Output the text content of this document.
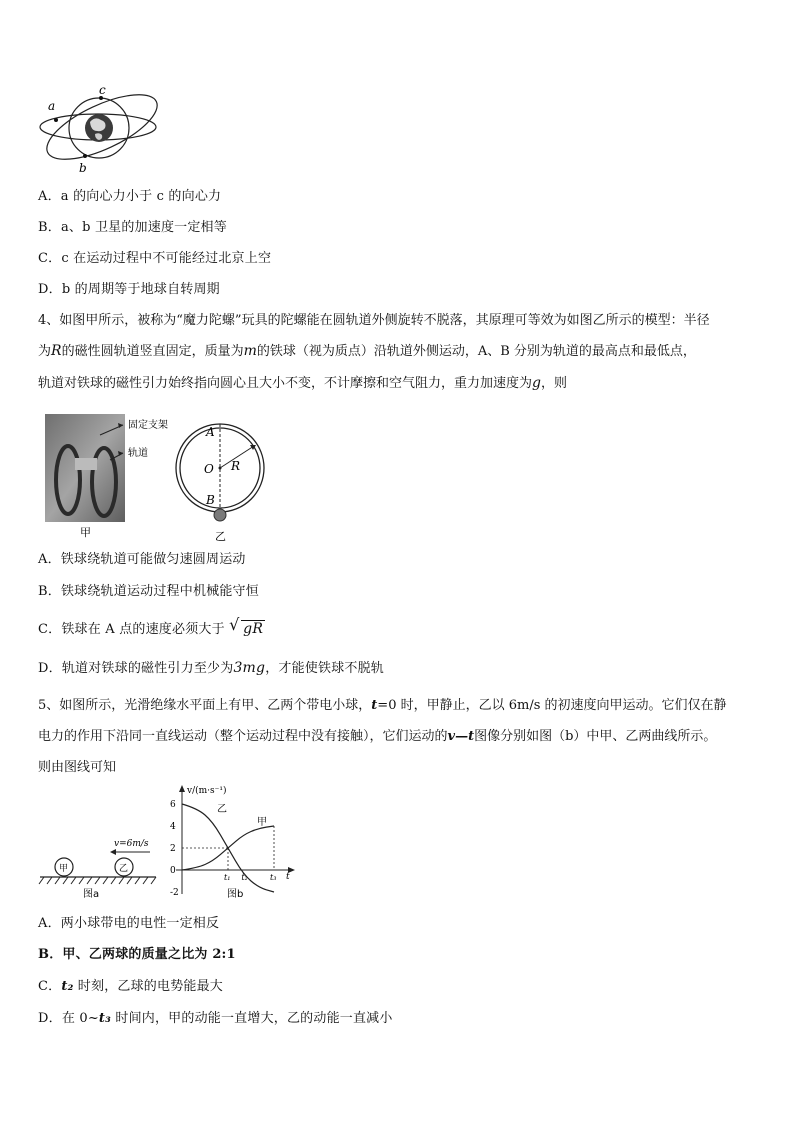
a
c
b
A．a 的向心力小于 c 的向心力
B．a、b 卫星的加速度一定相等
C．c 在运动过程中不可能经过北京上空
D．b 的周期等于地球自转周期
4、如图甲所示，被称为“魔力陀螺”玩具的陀螺能在圆轨道外侧旋转不脱落，其原理可等效为如图乙所示的模型：半径
为R的磁性圆轨道竖直固定，质量为m的铁球（视为质点）沿轨道外侧运动，A、B 分别为轨道的最高点和最低点，
轨道对铁球的磁性引力始终指向圆心且大小不变，不计摩擦和空气阻力，重力加速度为g，则
固定支架
轨道
甲
A
O R
B
乙
A．铁球绕轨道可能做匀速圆周运动
B．铁球绕轨道运动过程中机械能守恒
C．铁球在 A 点的速度必须大于 √ gR
D．轨道对铁球的磁性引力至少为3mg，才能使铁球不脱轨
5、如图所示，光滑绝缘水平面上有甲、乙两个带电小球，t=0 时，甲静止，乙以 6m/s 的初速度向甲运动。它们仅在静
电力的作用下沿同一直线运动（整个运动过程中没有接触），它们运动的v—t图像分别如图（b）中甲、乙两曲线所示。
则由图线可知
甲	乙
v=6m/s
图a
v/(m·s⁻¹)
t
-2
0
2
4
6
t₁ t₂	t₃
乙
甲
图b
A．两小球带电的电性一定相反
B．甲、乙两球的质量之比为 2:1
C．t₂ 时刻，乙球的电势能最大
D．在 0~t₃ 时间内，甲的动能一直增大，乙的动能一直减小
